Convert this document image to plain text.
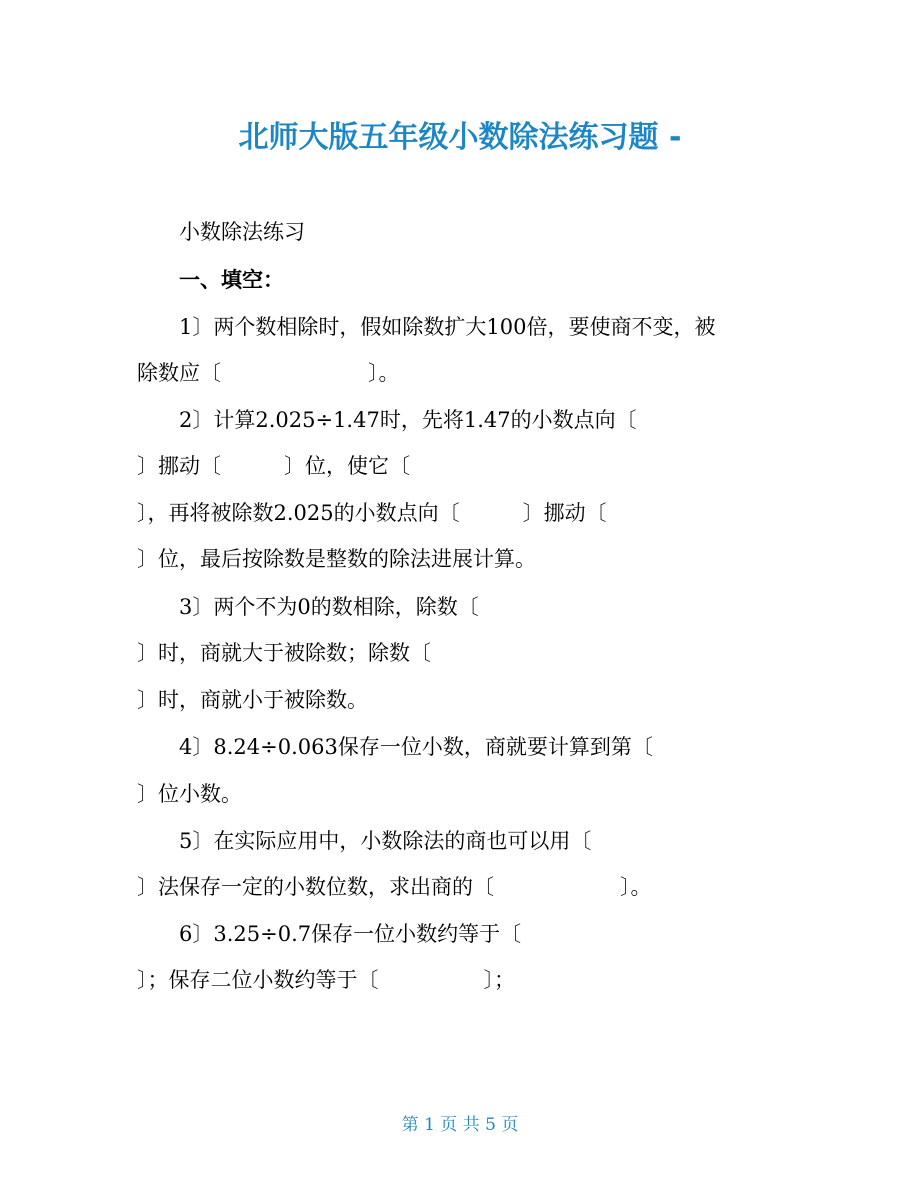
北师大版五年级小数除法练习题 -

小数除法练习

一、填空：

1〕两个数相除时，假如除数扩大100倍，要使商不变，被

除数应〔　　　　　　　〕。

2〕计算2.025÷1.47时，先将1.47的小数点向〔

〕挪动〔　　　〕位，使它〔

〕，再将被除数2.025的小数点向〔　　　〕挪动〔

〕位，最后按除数是整数的除法进展计算。

3〕两个不为0的数相除，除数〔

〕时，商就大于被除数；除数〔

〕时，商就小于被除数。

4〕8.24÷0.063保存一位小数，商就要计算到第〔

〕位小数。

5〕在实际应用中，小数除法的商也可以用〔

〕法保存一定的小数位数，求出商的〔　　　　　　〕。

6〕3.25÷0.7保存一位小数约等于〔

〕；保存二位小数约等于〔　　　　　〕；

第 1 页 共 5 页
